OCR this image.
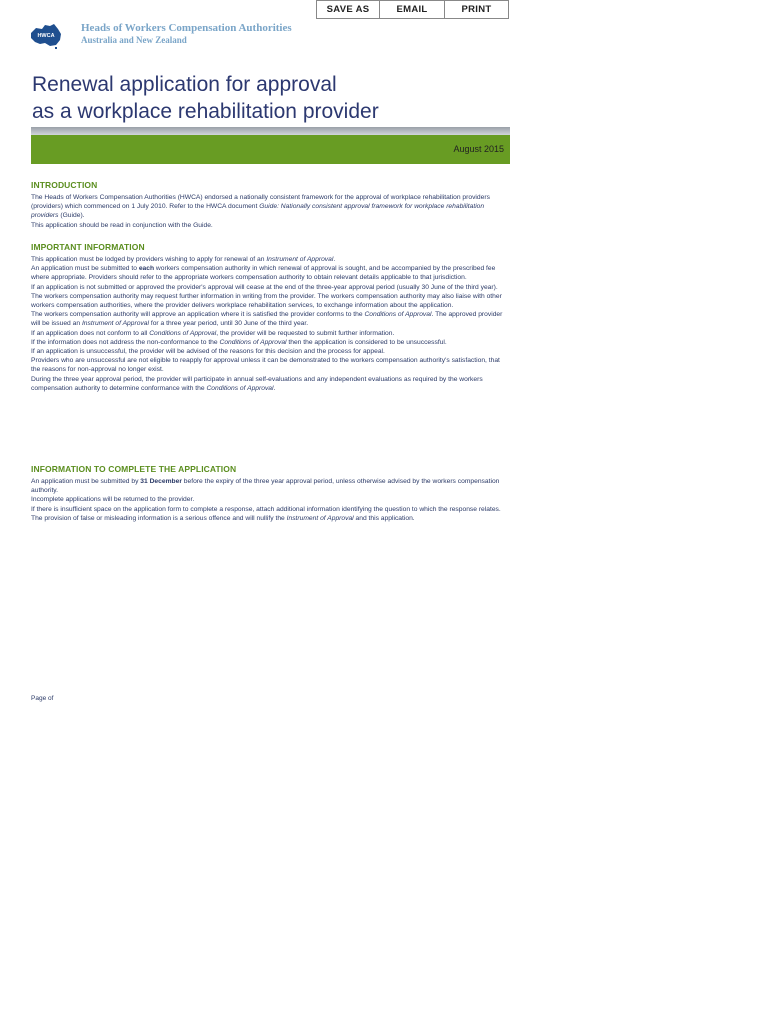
SAVE AS	EMAIL	PRINT
HWCA
Heads of Workers Compensation Authorities
Australia and New Zealand
Renewal application for approval
as a workplace rehabilitation provider
August 2015
INTRODUCTION

The Heads of Workers Compensation Authorities (HWCA) endorsed a nationally consistent framework for the approval of workplace rehabilitation providers (providers) which commenced on 1 July 2010. Refer to the HWCA document Guide: Nationally consistent approval framework for workplace rehabilitation providers (Guide).

This application should be read in conjunction with the Guide.

IMPORTANT INFORMATION

This application must be lodged by providers wishing to apply for renewal of an Instrument of Approval.

An application must be submitted to each workers compensation authority in which renewal of approval is sought, and be accompanied by the prescribed fee where appropriate. Providers should refer to the appropriate workers compensation authority to obtain relevant details applicable to that jurisdiction.

If an application is not submitted or approved the provider's approval will cease at the end of the three-year approval period (usually 30 June of the third year).

The workers compensation authority may request further information in writing from the provider. The workers compensation authority may also liaise with other workers compensation authorities, where the provider delivers workplace rehabilitation services, to exchange information about the application.

The workers compensation authority will approve an application where it is satisfied the provider conforms to the Conditions of Approval. The approved provider will be issued an Instrument of Approval for a three year period, until 30 June of the third year.

If an application does not conform to all Conditions of Approval, the provider will be requested to submit further information.

If the information does not address the non-conformance to the Conditions of Approval then the application is considered to be unsuccessful.

If an application is unsuccessful, the provider will be advised of the reasons for this decision and the process for appeal.

Providers who are unsuccessful are not eligible to reapply for approval unless it can be demonstrated to the workers compensation authority's satisfaction, that the reasons for non-approval no longer exist.

During the three year approval period, the provider will participate in annual self-evaluations and any independent evaluations as required by the workers compensation authority to determine conformance with the Conditions of Approval.

INFORMATION TO COMPLETE THE APPLICATION

An application must be submitted by 31 December before the expiry of the three year approval period, unless otherwise advised by the workers compensation authority.

Incomplete applications will be returned to the provider.

If there is insufficient space on the application form to complete a response, attach additional information identifying the question to which the response relates.

The provision of false or misleading information is a serious offence and will nullify the Instrument of Approval and this application.

Page of
